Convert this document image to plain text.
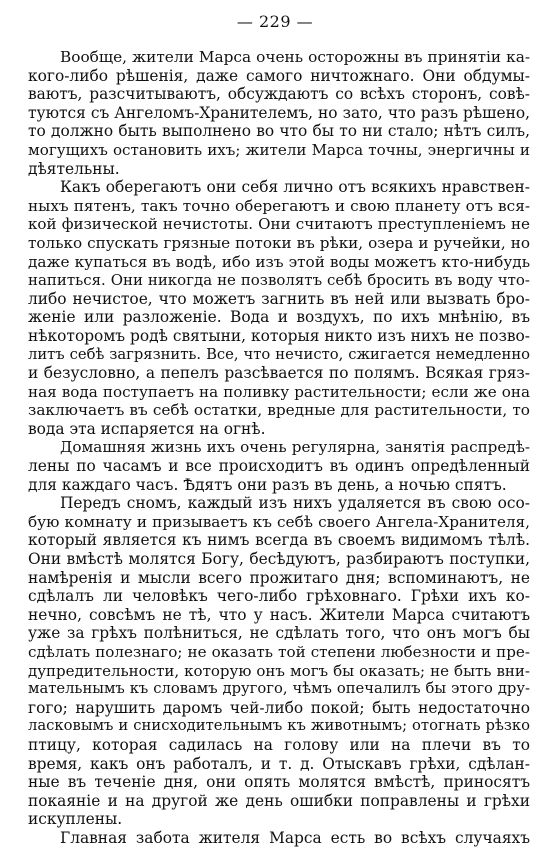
— 229 —
Вообще, жители Марса очень осторожны въ принятіи ка-
кого-либо рѣшенія, даже самого ничтожнаго. Они обдумы-
ваютъ, разсчитываютъ, обсуждаютъ со всѣхъ сторонъ, совѣ-
туются съ Ангеломъ-Хранителемъ, но зато, что разъ рѣшено,
то должно быть выполнено во что бы то ни стало; нѣтъ силъ,
могущихъ остановить ихъ; жители Марса точны, энергичны и
дѣятельны.
Какъ оберегаютъ они себя лично отъ всякихъ нравствен-
ныхъ пятенъ, такъ точно оберегаютъ и свою планету отъ вся-
кой физической нечистоты. Они считаютъ преступленіемъ не
только спускать грязные потоки въ рѣки, озера и ручейки, но
даже купаться въ водѣ, ибо изъ этой воды можетъ кто-нибудь
напиться. Они никогда не позволятъ себѣ бросить въ воду что-
либо нечистое, что можетъ загнить въ ней или вызвать бро-
женіе или разложеніе. Вода и воздухъ, по ихъ мнѣнію, въ
нѣкоторомъ родѣ святыни, которыя никто изъ нихъ не позво-
литъ себѣ загрязнить. Все, что нечисто, сжигается немедленно
и безусловно, а пепелъ разсѣвается по полямъ. Всякая гряз-
ная вода поступаетъ на поливку растительности; если же она
заключаетъ въ себѣ остатки, вредные для растительности, то
вода эта испаряется на огнѣ.
Домашняя жизнь ихъ очень регулярна, занятія распредѣ-
лены по часамъ и все происходитъ въ одинъ опредѣленный
для каждаго часъ. Ѣдятъ они разъ въ день, а ночью спятъ.
Передъ сномъ, каждый изъ нихъ удаляется въ свою осо-
бую комнату и призываетъ къ себѣ своего Ангела-Хранителя,
который является къ нимъ всегда въ своемъ видимомъ тѣлѣ.
Они вмѣстѣ молятся Богу, бесѣдуютъ, разбираютъ поступки,
намѣренія и мысли всего прожитаго дня; вспоминаютъ, не
сдѣлалъ ли человѣкъ чего-либо грѣховнаго. Грѣхи ихъ ко-
нечно, совсѣмъ не тѣ, что у насъ. Жители Марса считаютъ
уже за грѣхъ полѣниться, не сдѣлать того, что онъ могъ бы
сдѣлать полезнаго; не оказать той степени любезности и пре-
дупредительности, которую онъ могъ бы оказать; не быть вни-
мательнымъ къ словамъ другого, чѣмъ опечалилъ бы этого дру-
гого; нарушить даромъ чей-либо покой; быть недостаточно
ласковымъ и снисходительнымъ къ животнымъ; отогнать рѣзко
птицу, которая садилась на голову или на плечи въ то
время, какъ онъ работалъ, и т. д. Отыскавъ грѣхи, сдѣлан-
ные въ теченіе дня, они опять молятся вмѣстѣ, приносятъ
покаяніе и на другой же день ошибки поправлены и грѣхи
искуплены.
Главная забота жителя Марса есть во всѣхъ случаяхъ
